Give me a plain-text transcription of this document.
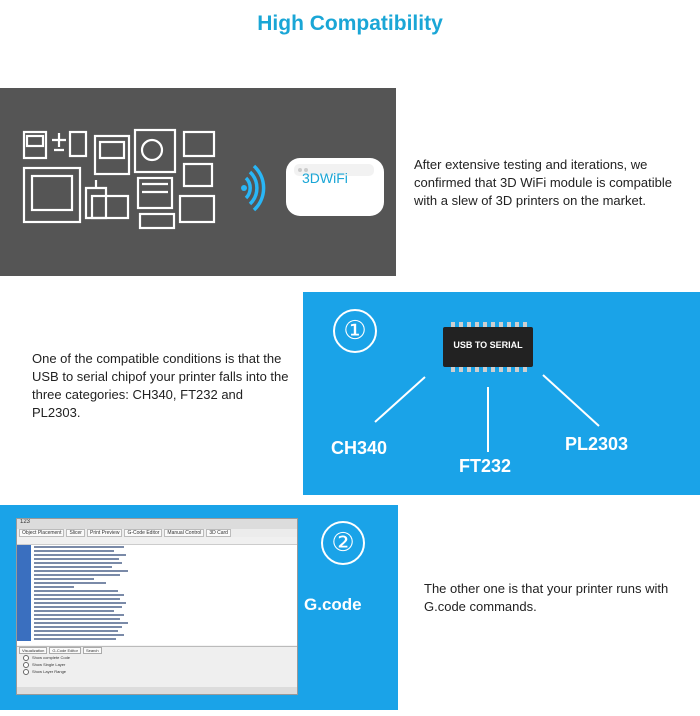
High Compatibility
3DWiFi
After extensive testing and iterations, we confirmed that 3D WiFi module is compatible with a slew of 3D printers on the market.
One of the compatible conditions is that the USB to serial chipof your printer falls into the three categories: CH340, FT232 and PL2303.
①	USB TO SERIAL
CH340
FT232
PL2303
②
G.code
123
Object Placement	Slicer	Print Preview	G-Code Editor	Manual Control	3D Card
Visualization	G-Code Editor	Search
Show complete Code
Show Single Layer
Show Layer Range
The other one is that your printer runs with G.code commands.
